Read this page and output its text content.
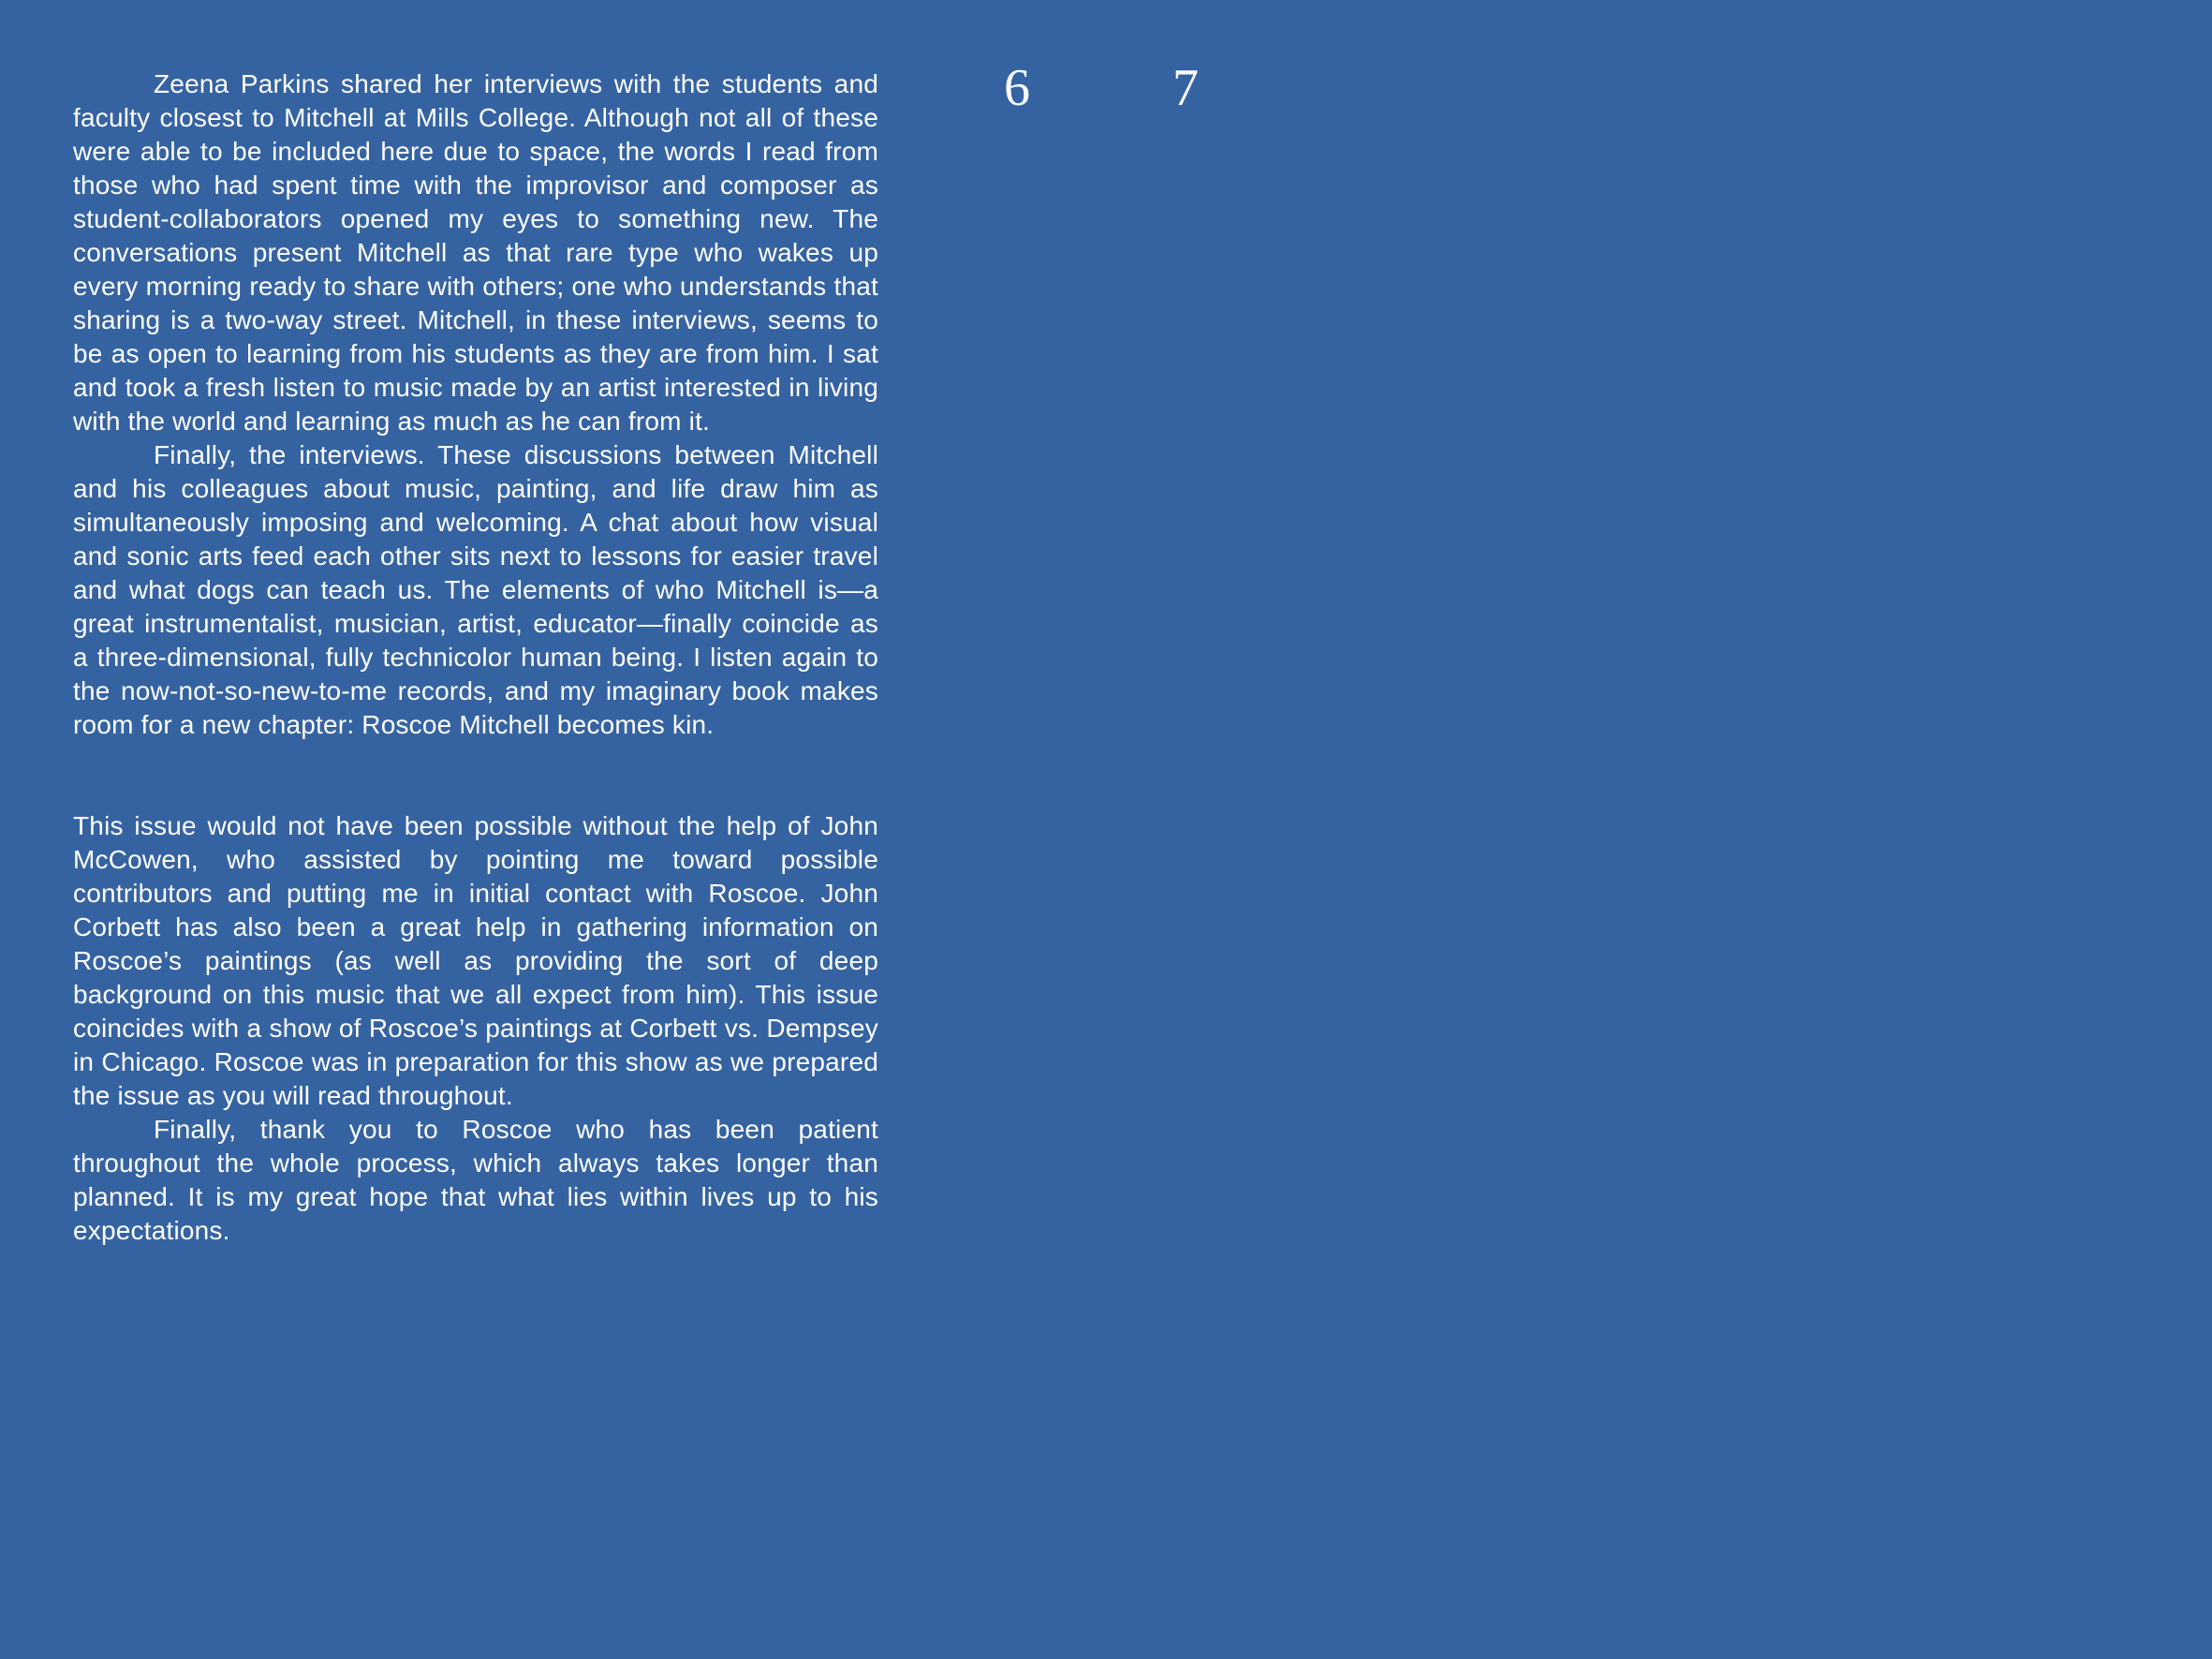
Zeena Parkins shared her interviews with the students and faculty closest to Mitchell at Mills College. Although not all of these were able to be included here due to space, the words I read from those who had spent time with the improvisor and composer as student-collaborators opened my eyes to something new. The conversations present Mitchell as that rare type who wakes up every morning ready to share with others; one who understands that sharing is a two-way street. Mitchell, in these interviews, seems to be as open to learning from his students as they are from him. I sat and took a fresh listen to music made by an artist interested in living with the world and learning as much as he can from it.

Finally, the interviews. These discussions between Mitchell and his colleagues about music, painting, and life draw him as simultaneously imposing and welcoming. A chat about how visual and sonic arts feed each other sits next to lessons for easier travel and what dogs can teach us. The elements of who Mitchell is—a great instrumentalist, musician, artist, educator—finally coincide as a three-dimensional, fully technicolor human being. I listen again to the now-not-so-new-to-me records, and my imaginary book makes room for a new chapter: Roscoe Mitchell becomes kin.

This issue would not have been possible without the help of John McCowen, who assisted by pointing me toward possible contributors and putting me in initial contact with Roscoe. John Corbett has also been a great help in gathering information on Roscoe’s paintings (as well as providing the sort of deep background on this music that we all expect from him). This issue coincides with a show of Roscoe’s paintings at Corbett vs. Dempsey in Chicago. Roscoe was in preparation for this show as we prepared the issue as you will read throughout.

Finally, thank you to Roscoe who has been patient throughout the whole process, which always takes longer than planned. It is my great hope that what lies within lives up to his expectations.

6	7
